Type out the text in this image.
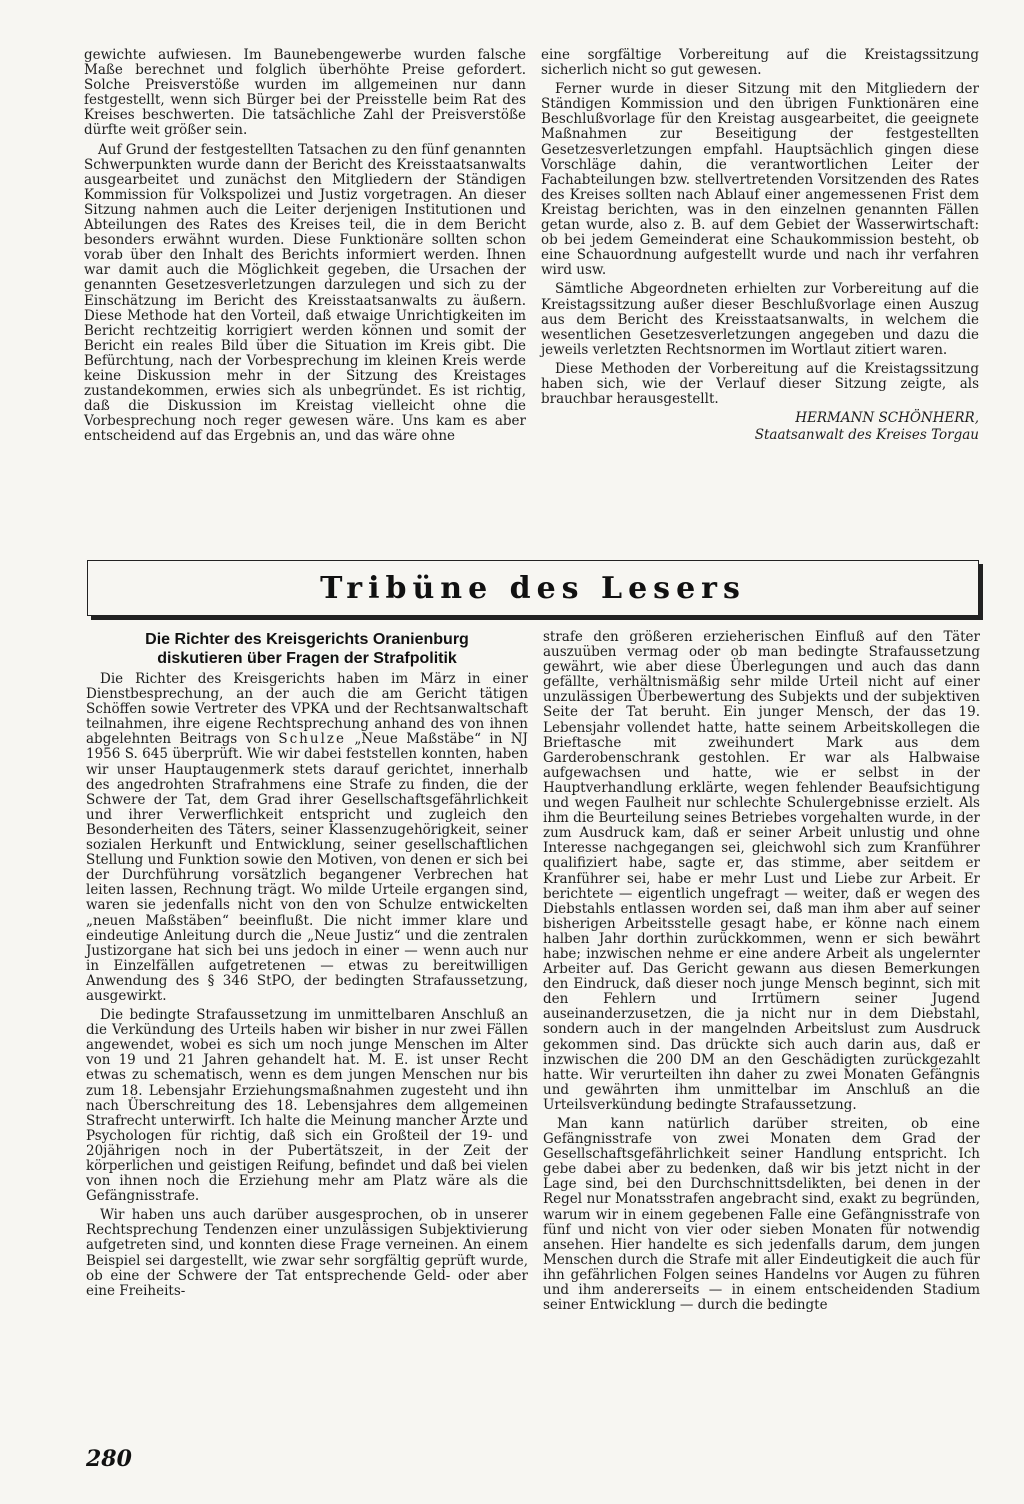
gewichte aufwiesen. Im Baunebengewerbe wurden falsche Maße berechnet und folglich überhöhte Preise gefordert. Solche Preisverstöße wurden im allgemeinen nur dann festgestellt, wenn sich Bürger bei der Preisstelle beim Rat des Kreises beschwerten. Die tatsächliche Zahl der Preisverstöße dürfte weit größer sein.

Auf Grund der festgestellten Tatsachen zu den fünf genannten Schwerpunkten wurde dann der Bericht des Kreisstaatsanwalts ausgearbeitet und zunächst den Mitgliedern der Ständigen Kommission für Volkspolizei und Justiz vorgetragen. An dieser Sitzung nahmen auch die Leiter derjenigen Institutionen und Abteilungen des Rates des Kreises teil, die in dem Bericht besonders erwähnt wurden. Diese Funktionäre sollten schon vorab über den Inhalt des Berichts informiert werden. Ihnen war damit auch die Möglichkeit gegeben, die Ursachen der genannten Gesetzesverletzungen darzulegen und sich zu der Einschätzung im Bericht des Kreisstaatsanwalts zu äußern. Diese Methode hat den Vorteil, daß etwaige Unrichtigkeiten im Bericht rechtzeitig korrigiert werden können und somit der Bericht ein reales Bild über die Situation im Kreis gibt. Die Befürchtung, nach der Vorbesprechung im kleinen Kreis werde keine Diskussion mehr in der Sitzung des Kreistages zustandekommen, erwies sich als unbegründet. Es ist richtig, daß die Diskussion im Kreistag vielleicht ohne die Vorbesprechung noch reger gewesen wäre. Uns kam es aber entscheidend auf das Ergebnis an, und das wäre ohne

eine sorgfältige Vorbereitung auf die Kreistagssitzung sicherlich nicht so gut gewesen.

Ferner wurde in dieser Sitzung mit den Mitgliedern der Ständigen Kommission und den übrigen Funktionären eine Beschlußvorlage für den Kreistag ausgearbeitet, die geeignete Maßnahmen zur Beseitigung der festgestellten Gesetzesverletzungen empfahl. Hauptsächlich gingen diese Vorschläge dahin, die verantwortlichen Leiter der Fachabteilungen bzw. stellvertretenden Vorsitzenden des Rates des Kreises sollten nach Ablauf einer angemessenen Frist dem Kreistag berichten, was in den einzelnen genannten Fällen getan wurde, also z. B. auf dem Gebiet der Wasserwirtschaft: ob bei jedem Gemeinderat eine Schaukommission besteht, ob eine Schauordnung aufgestellt wurde und nach ihr verfahren wird usw.

Sämtliche Abgeordneten erhielten zur Vorbereitung auf die Kreistagssitzung außer dieser Beschlußvorlage einen Auszug aus dem Bericht des Kreisstaatsanwalts, in welchem die wesentlichen Gesetzesverletzungen angegeben und dazu die jeweils verletzten Rechtsnormen im Wortlaut zitiert waren.

Diese Methoden der Vorbereitung auf die Kreistagssitzung haben sich, wie der Verlauf dieser Sitzung zeigte, als brauchbar herausgestellt.

HERMANN SCHÖNHERR,
Staatsanwalt des Kreises Torgau
Tribüne des Lesers
Die Richter des Kreisgerichts Oranienburg
diskutieren über Fragen der Strafpolitik

Die Richter des Kreisgerichts haben im März in einer Dienstbesprechung, an der auch die am Gericht tätigen Schöffen sowie Vertreter des VPKA und der Rechtsanwaltschaft teilnahmen, ihre eigene Rechtsprechung anhand des von ihnen abgelehnten Beitrags von Schulze „Neue Maßstäbe“ in NJ 1956 S. 645 überprüft. Wie wir dabei feststellen konnten, haben wir unser Hauptaugenmerk stets darauf gerichtet, innerhalb des angedrohten Strafrahmens eine Strafe zu finden, die der Schwere der Tat, dem Grad ihrer Gesellschaftsgefährlichkeit und ihrer Verwerflichkeit entspricht und zugleich den Besonderheiten des Täters, seiner Klassenzugehörigkeit, seiner sozialen Herkunft und Entwicklung, seiner gesellschaftlichen Stellung und Funktion sowie den Motiven, von denen er sich bei der Durchführung vorsätzlich begangener Verbrechen hat leiten lassen, Rechnung trägt. Wo milde Urteile ergangen sind, waren sie jedenfalls nicht von den von Schulze entwickelten „neuen Maßstäben“ beeinflußt. Die nicht immer klare und eindeutige Anleitung durch die „Neue Justiz“ und die zentralen Justizorgane hat sich bei uns jedoch in einer — wenn auch nur in Einzelfällen aufgetretenen — etwas zu bereitwilligen Anwendung des § 346 StPO, der bedingten Strafaussetzung, ausgewirkt.

Die bedingte Strafaussetzung im unmittelbaren Anschluß an die Verkündung des Urteils haben wir bisher in nur zwei Fällen angewendet, wobei es sich um noch junge Menschen im Alter von 19 und 21 Jahren gehandelt hat. M. E. ist unser Recht etwas zu schematisch, wenn es dem jungen Menschen nur bis zum 18. Lebensjahr Erziehungsmaßnahmen zugesteht und ihn nach Überschreitung des 18. Lebensjahres dem allgemeinen Strafrecht unterwirft. Ich halte die Meinung mancher Ärzte und Psychologen für richtig, daß sich ein Großteil der 19- und 20jährigen noch in der Pubertätszeit, in der Zeit der körperlichen und geistigen Reifung, befindet und daß bei vielen von ihnen noch die Erziehung mehr am Platz wäre als die Gefängnisstrafe.

Wir haben uns auch darüber ausgesprochen, ob in unserer Rechtsprechung Tendenzen einer unzulässigen Subjektivierung aufgetreten sind, und konnten diese Frage verneinen. An einem Beispiel sei dargestellt, wie zwar sehr sorgfältig geprüft wurde, ob eine der Schwere der Tat entsprechende Geld- oder aber eine Freiheits-

strafe den größeren erzieherischen Einfluß auf den Täter auszuüben vermag oder ob man bedingte Strafaussetzung gewährt, wie aber diese Überlegungen und auch das dann gefällte, verhältnismäßig sehr milde Urteil nicht auf einer unzulässigen Überbewertung des Subjekts und der subjektiven Seite der Tat beruht. Ein junger Mensch, der das 19. Lebensjahr vollendet hatte, hatte seinem Arbeitskollegen die Brieftasche mit zweihundert Mark aus dem Garderobenschrank gestohlen. Er war als Halbwaise aufgewachsen und hatte, wie er selbst in der Hauptverhandlung erklärte, wegen fehlender Beaufsichtigung und wegen Faulheit nur schlechte Schulergebnisse erzielt. Als ihm die Beurteilung seines Betriebes vorgehalten wurde, in der zum Ausdruck kam, daß er seiner Arbeit unlustig und ohne Interesse nachgegangen sei, gleichwohl sich zum Kranführer qualifiziert habe, sagte er, das stimme, aber seitdem er Kranführer sei, habe er mehr Lust und Liebe zur Arbeit. Er berichtete — eigentlich ungefragt — weiter, daß er wegen des Diebstahls entlassen worden sei, daß man ihm aber auf seiner bisherigen Arbeitsstelle gesagt habe, er könne nach einem halben Jahr dorthin zurückkommen, wenn er sich bewährt habe; inzwischen nehme er eine andere Arbeit als ungelernter Arbeiter auf. Das Gericht gewann aus diesen Bemerkungen den Eindruck, daß dieser noch junge Mensch beginnt, sich mit den Fehlern und Irrtümern seiner Jugend auseinanderzusetzen, die ja nicht nur in dem Diebstahl, sondern auch in der mangelnden Arbeitslust zum Ausdruck gekommen sind. Das drückte sich auch darin aus, daß er inzwischen die 200 DM an den Geschädigten zurückgezahlt hatte. Wir verurteilten ihn daher zu zwei Monaten Gefängnis und gewährten ihm unmittelbar im Anschluß an die Urteilsverkündung bedingte Strafaussetzung.

Man kann natürlich darüber streiten, ob eine Gefängnisstrafe von zwei Monaten dem Grad der Gesellschaftsgefährlichkeit seiner Handlung entspricht. Ich gebe dabei aber zu bedenken, daß wir bis jetzt nicht in der Lage sind, bei den Durchschnittsdelikten, bei denen in der Regel nur Monatsstrafen angebracht sind, exakt zu begründen, warum wir in einem gegebenen Falle eine Gefängnisstrafe von fünf und nicht von vier oder sieben Monaten für notwendig ansehen. Hier handelte es sich jedenfalls darum, dem jungen Menschen durch die Strafe mit aller Eindeutigkeit die auch für ihn gefährlichen Folgen seines Handelns vor Augen zu führen und ihm andererseits — in einem entscheidenden Stadium seiner Entwicklung — durch die bedingte

280
